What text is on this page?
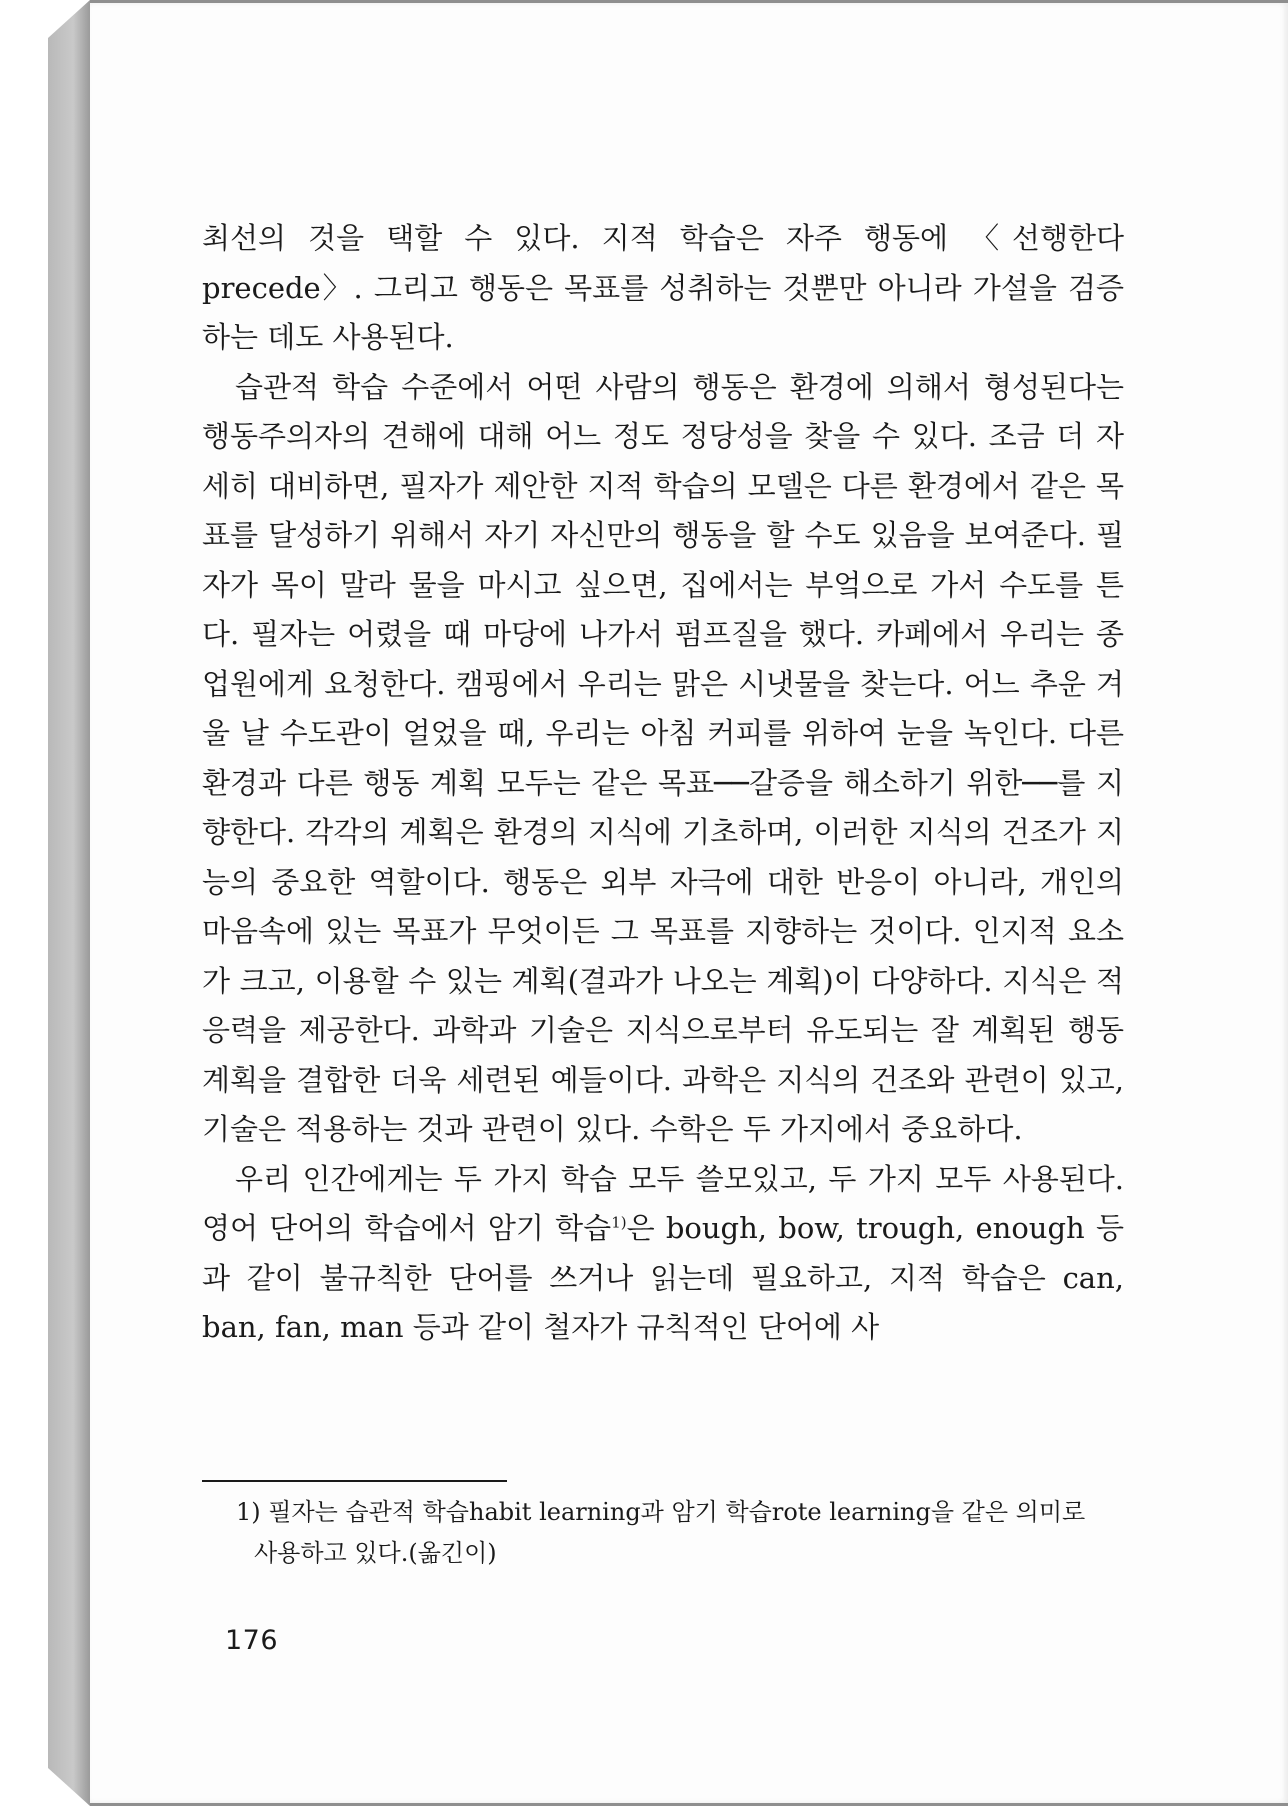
최선의 것을 택할 수 있다. 지적 학습은 자주 행동에 〈선행한다 precede〉. 그리고 행동은 목표를 성취하는 것뿐만 아니라 가설을 검증하는 데도 사용된다.

습관적 학습 수준에서 어떤 사람의 행동은 환경에 의해서 형성된다는 행동주의자의 견해에 대해 어느 정도 정당성을 찾을 수 있다. 조금 더 자세히 대비하면, 필자가 제안한 지적 학습의 모델은 다른 환경에서 같은 목표를 달성하기 위해서 자기 자신만의 행동을 할 수도 있음을 보여준다. 필자가 목이 말라 물을 마시고 싶으면, 집에서는 부엌으로 가서 수도를 튼다. 필자는 어렸을 때 마당에 나가서 펌프질을 했다. 카페에서 우리는 종업원에게 요청한다. 캠핑에서 우리는 맑은 시냇물을 찾는다. 어느 추운 겨울 날 수도관이 얼었을 때, 우리는 아침 커피를 위하여 눈을 녹인다. 다른 환경과 다른 행동 계획 모두는 같은 목표──갈증을 해소하기 위한──를 지향한다. 각각의 계획은 환경의 지식에 기초하며, 이러한 지식의 건조가 지능의 중요한 역할이다. 행동은 외부 자극에 대한 반응이 아니라, 개인의 마음속에 있는 목표가 무엇이든 그 목표를 지향하는 것이다. 인지적 요소가 크고, 이용할 수 있는 계획(결과가 나오는 계획)이 다양하다. 지식은 적응력을 제공한다. 과학과 기술은 지식으로부터 유도되는 잘 계획된 행동 계획을 결합한 더욱 세련된 예들이다. 과학은 지식의 건조와 관련이 있고, 기술은 적용하는 것과 관련이 있다. 수학은 두 가지에서 중요하다.

우리 인간에게는 두 가지 학습 모두 쓸모있고, 두 가지 모두 사용된다. 영어 단어의 학습에서 암기 학습$^{1)}$은 bough, bow, trough, enough 등과 같이 불규칙한 단어를 쓰거나 읽는데 필요하고, 지적 학습은 can, ban, fan, man 등과 같이 철자가 규칙적인 단어에 사

1) 필자는 습관적 학습habit learning과 암기 학습rote learning을 같은 의미로
사용하고 있다.(옮긴이)
176
